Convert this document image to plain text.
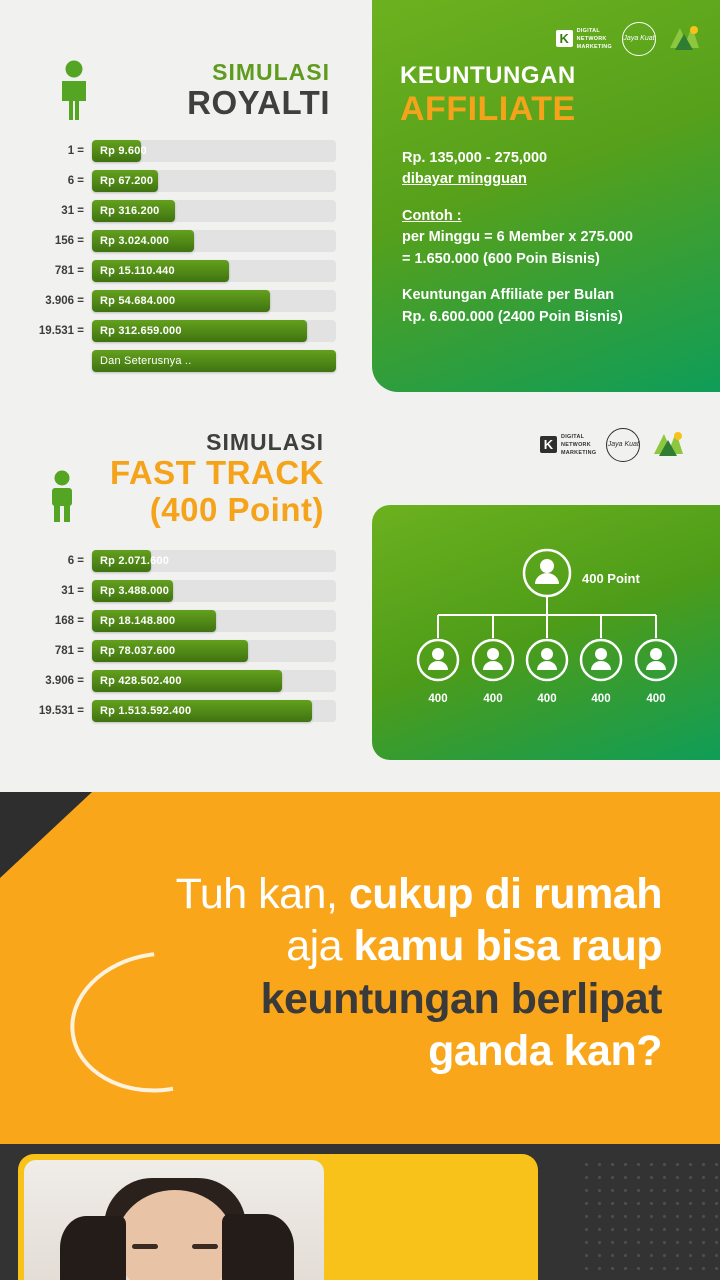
SIMULASI
ROYALTI
1 =	Rp 9.600
6 =	Rp 67.200
31 =	Rp 316.200
156 =	Rp 3.024.000
781 =	Rp 15.110.440
3.906 =	Rp 54.684.000
19.531 =	Rp 312.659.000
Dan Seterusnya ..
K
DIGITAL
NETWORK
MARKETING
Jaya Kuat
KEUNTUNGAN
AFFILIATE
Rp. 135,000 - 275,000
dibayar mingguan
Contoh :
per Minggu = 6 Member x 275.000
= 1.650.000 (600 Poin Bisnis)
Keuntungan Affiliate per Bulan
Rp. 6.600.000 (2400 Poin Bisnis)
SIMULASI
FAST TRACK
(400 Point)
6 =	Rp 2.071.600
31 =	Rp 3.488.000
168 =	Rp 18.148.800
781 =	Rp 78.037.600
3.906 =	Rp 428.502.400
19.531 =	Rp 1.513.592.400
K
DIGITAL
NETWORK
MARKETING
Jaya Kuat
400 Point
400	400	400	400	400
Tuh kan, cukup di rumah
aja kamu bisa raup
keuntungan berlipat
ganda kan?
